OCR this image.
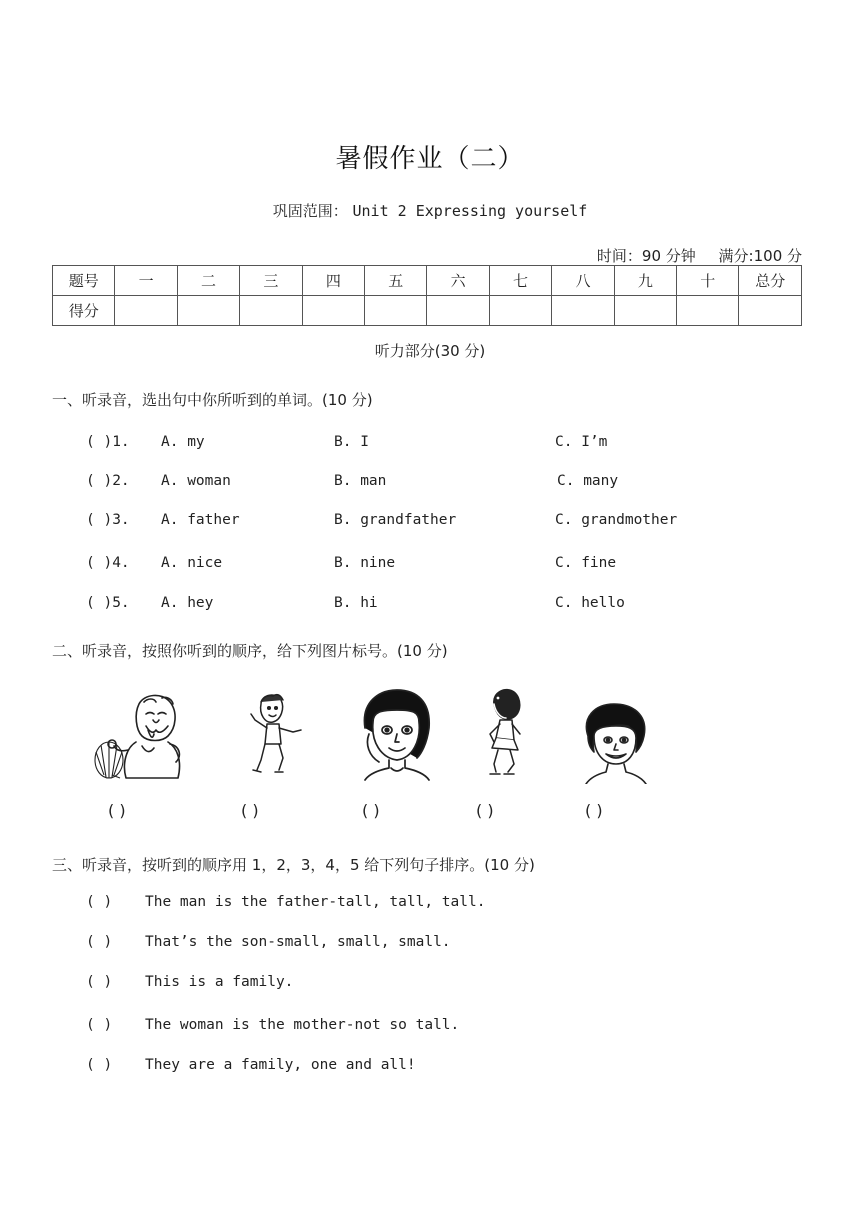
暑假作业（二）
巩固范围： Unit 2 Expressing yourself
时间：90 分钟 满分:100 分
题号	一	二	三	四	五	六	七	八	九	十	总分
得分											
听力部分(30 分)
一、听录音，选出句中你所听到的单词。(10 分)
( )1. A. my	B. I	C. I’m
( )2. A. woman	B. man	C. many
( )3. A. father	B. grandfather	C. grandmother
( )4. A. nice	B. nine	C. fine
( )5. A. hey	B. hi	C. hello
二、听录音，按照你听到的顺序，给下列图片标号。(10 分)
( )	( )	( )	( )	( )
三、听录音，按听到的顺序用 1，2，3，4，5 给下列句子排序。(10 分)
( ) The man is the father-tall, tall, tall.
( ) That’s the son-small, small, small.
( ) This is a family.
( ) The woman is the mother-not so tall.
( ) They are a family, one and all!
